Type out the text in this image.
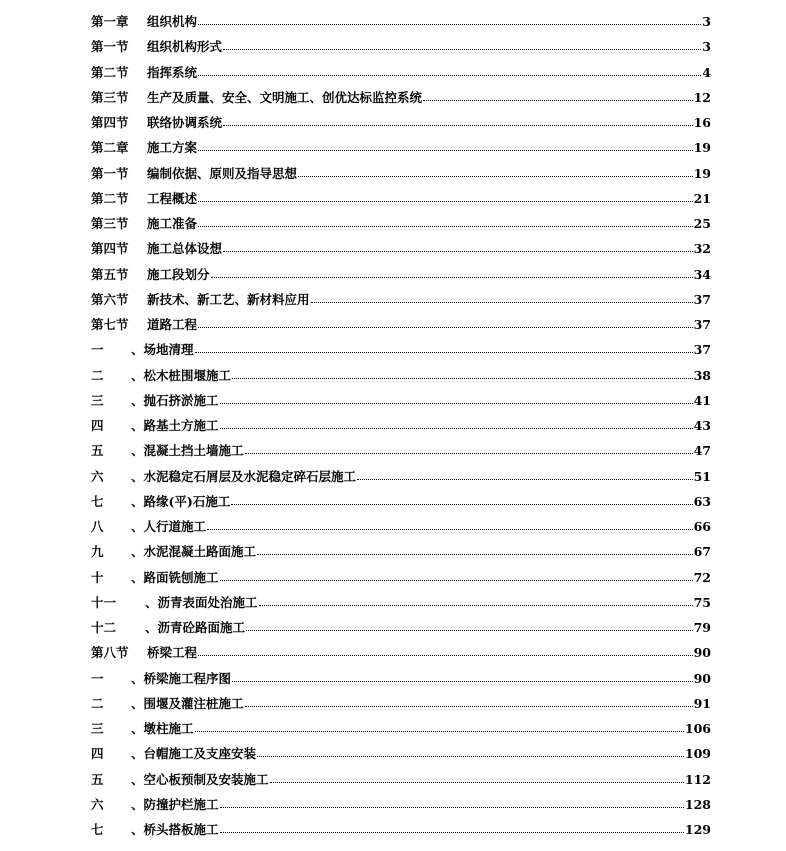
第一章	组织机构	3
第一节	组织机构形式	3
第二节	指挥系统	4
第三节	生产及质量、安全、文明施工、创优达标监控系统	12
第四节	联络协调系统	16
第二章	施工方案	19
第一节	编制依据、原则及指导思想	19
第二节	工程概述	21
第三节	施工准备	25
第四节	施工总体设想	32
第五节	施工段划分	34
第六节	新技术、新工艺、新材料应用	37
第七节	道路工程	37
一	、场地清理	37
二	、松木桩围堰施工	38
三	、抛石挤淤施工	41
四	、路基土方施工	43
五	、混凝土挡土墙施工	47
六	、水泥稳定石屑层及水泥稳定碎石层施工	51
七	、路缘(平)石施工	63
八	、人行道施工	66
九	、水泥混凝土路面施工	67
十	、路面铣刨施工	72
十一	、沥青表面处治施工	75
十二	、沥青砼路面施工	79
第八节	桥梁工程	90
一	、桥梁施工程序图	90
二	、围堰及灌注桩施工	91
三	、墩柱施工	106
四	、台帽施工及支座安装	109
五	、空心板预制及安装施工	112
六	、防撞护栏施工	128
七	、桥头搭板施工	129
